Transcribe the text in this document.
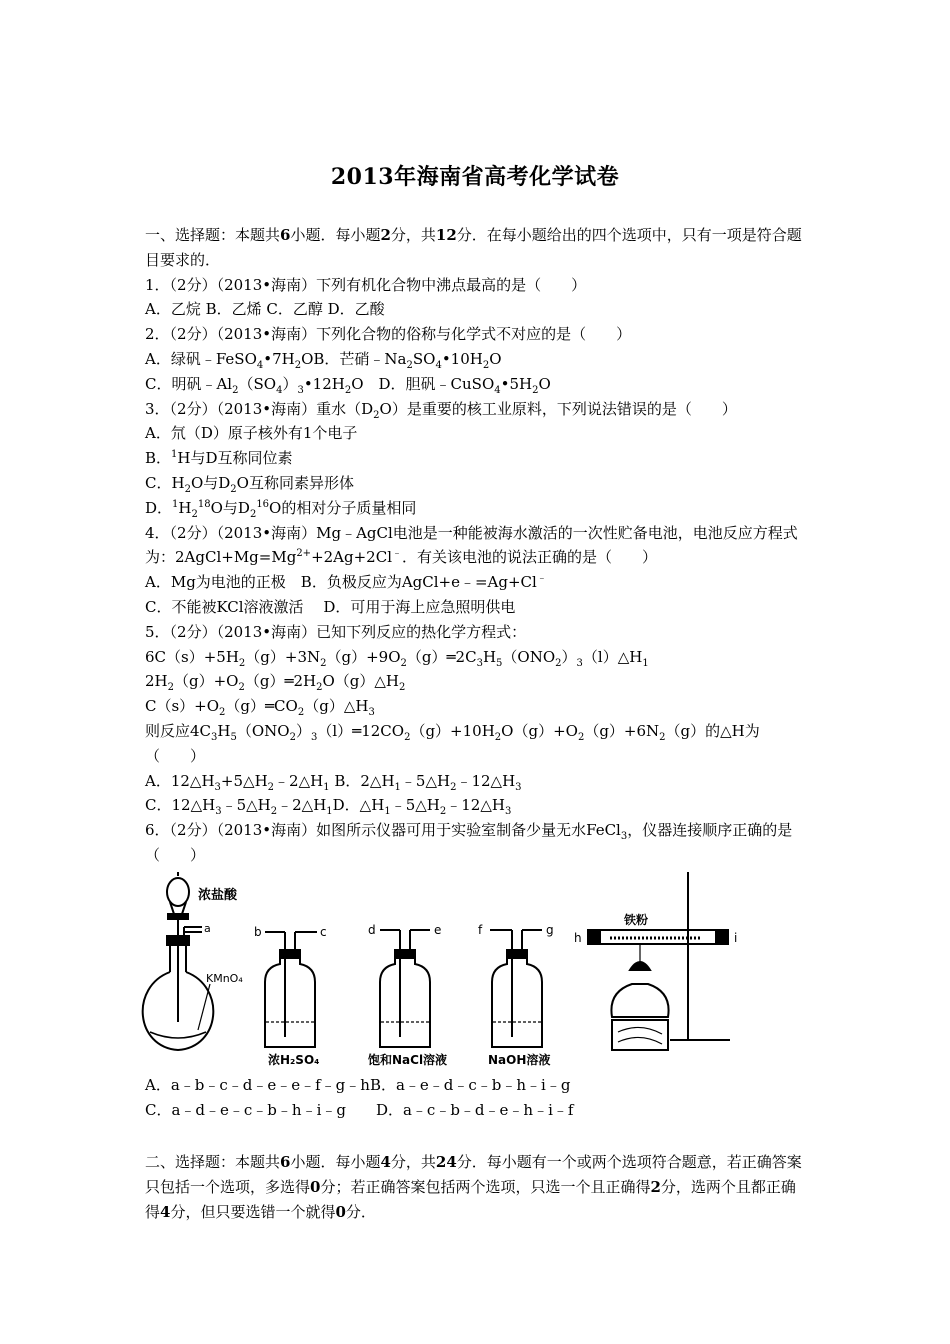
2013年海南省高考化学试卷

一、选择题：本题共6小题．每小题2分，共12分．在每小题给出的四个选项中，只有一项是符合题目要求的．

1．（2分）（2013•海南）下列有机化合物中沸点最高的是（　　）

A．乙烷 B．乙烯 C．乙醇 D．乙酸

2．（2分）（2013•海南）下列化合物的俗称与化学式不对应的是（　　）

A．绿矾$﹣FeSO_4•7H_2OB$．芒硝$﹣Na_2SO_4•10H_2O$

C．明矾$﹣Al_2(SO_4)_3•12H_2O$　D．胆矾$﹣CuSO_4•5H_2O$

3．（2分）（2013•海南）重水$(D_2O)$是重要的核工业原料，下列说法错误的是（　　）

A．氘（D）原子核外有1个电子

B．$^1$H与D互称同位素

C．$H_2O$与$D_2O$互称同素异形体

D．$^1H_2^{18}O$与$D_2^{16}O$的相对分子质量相同

4．（2分）（2013•海南）Mg﹣AgCl电池是一种能被海水激活的一次性贮备电池，电池反应方程式为：$2AgCl+Mg=Mg^{2+}+2Ag+2Cl^﹣$．有关该电池的说法正确的是（　　）

A．Mg为电池的正极　B．负极反应为AgCl+e﹣=Ag+Cl﹣

C．不能被KCl溶液激活　 D．可用于海上应急照明供电

5．（2分）（2013•海南）已知下列反应的热化学方程式：

$6C(s)+5H_2(g)+3N_2(g)+9O_2(g)═2C_3H_5(ONO_2)_3(l)\triangle H_1$

$2H_2(g)+O_2(g)═2H_2O(g)\triangle H_2$

$C(s)+O_2(g)═CO_2(g)\triangle H_3$

则反应$4C_3H_5(ONO_2)_3(l)═12CO_2(g)+10H_2O(g)+O_2(g)+6N_2(g)$的△H为（　　）

A．$12\triangle H_3+5\triangle H_2﹣2\triangle H_1$ B．$2\triangle H_1﹣5\triangle H_2﹣12\triangle H_3$

C．$12\triangle H_3﹣5\triangle H_2﹣2\triangle H_1D$．$\triangle H_1﹣5\triangle H_2﹣12\triangle H_3$

6．（2分）（2013•海南）如图所示仪器可用于实验室制备少量无水FeCl$_3$，仪器连接顺序正确的是（　　）

浓盐酸
a
KMnO₄
b	c
浓H₂SO₄
d	e
饱和NaCl溶液
f	g
NaOH溶液
铁粉
h	i

A．a﹣b﹣c﹣d﹣e﹣e﹣f﹣g﹣hB．a﹣e﹣d﹣c﹣b﹣h﹣i﹣g

C．a﹣d﹣e﹣c﹣b﹣h﹣i﹣g　　D．a﹣c﹣b﹣d﹣e﹣h﹣i﹣f

二、选择题：本题共6小题．每小题4分，共24分．每小题有一个或两个选项符合题意，若正确答案只包括一个选项，多选得0分；若正确答案包括两个选项，只选一个且正确得2分，选两个且都正确得4分，但只要选错一个就得0分．
